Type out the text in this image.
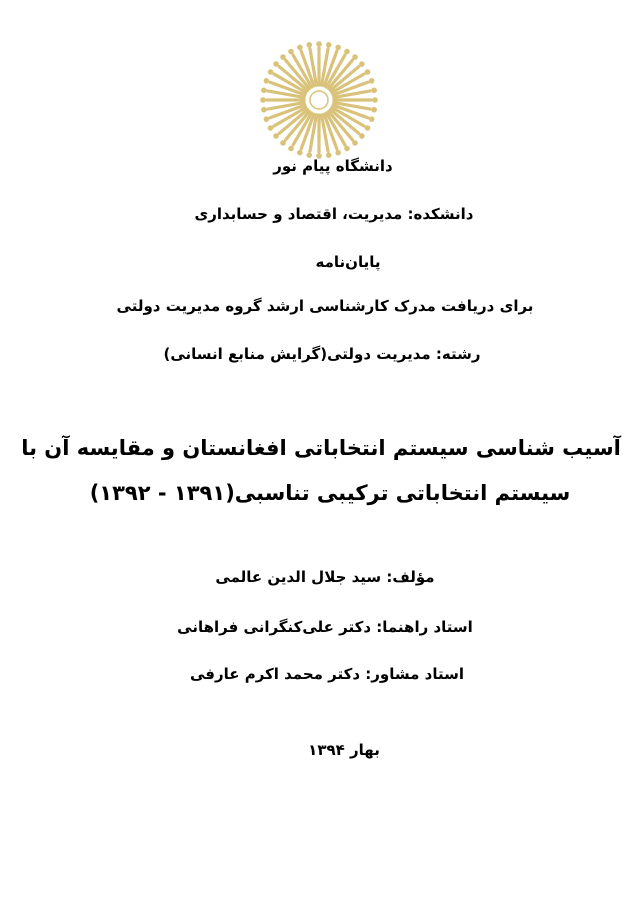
دانشگاه پیام نور
دانشکده: مدیریت، اقتصاد و حسابداری
پایان‌نامه
برای دریافت مدرک کارشناسی ارشد گروه مدیریت دولتی
رشته: مدیریت دولتی(گرایش منابع انسانی)
آسیب شناسی سیستم انتخاباتی افغانستان و مقایسه آن با
سیستم انتخاباتی ترکیبی تناسبی(۱۳۹۱ - ۱۳۹۲)
مؤلف: سید جلال الدین عالمی
استاد راهنما: دکتر علی‌کنگرانی فراهانی
استاد مشاور: دکتر محمد اکرم عارفی
بهار ۱۳۹۴
